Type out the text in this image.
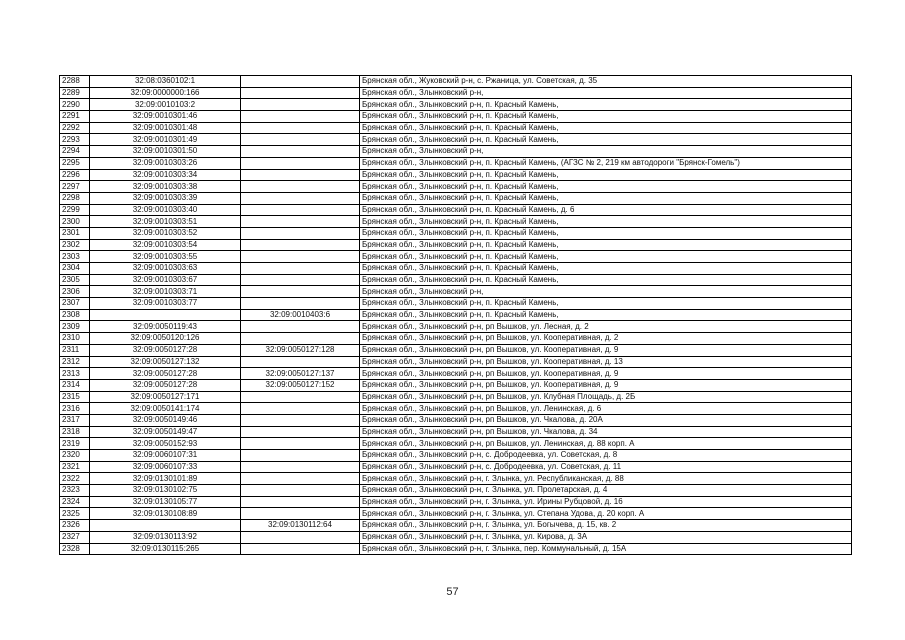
2288	32:08:0360102:1		Брянская обл., Жуковский р-н, с. Ржаница, ул. Советская, д. 35
2289	32:09:0000000:166		Брянская обл., Злынковский р-н,
2290	32:09:0010103:2		Брянская обл., Злынковский р-н, п. Красный Камень,
2291	32:09:0010301:46		Брянская обл., Злынковский р-н, п. Красный Камень,
2292	32:09:0010301:48		Брянская обл., Злынковский р-н, п. Красный Камень,
2293	32:09:0010301:49		Брянская обл., Злынковский р-н, п. Красный Камень,
2294	32:09:0010301:50		Брянская обл., Злынковский р-н,
2295	32:09:0010303:26		Брянская обл., Злынковский р-н, п. Красный Камень, (АГЗС № 2, 219 км автодороги "Брянск-Гомель")
2296	32:09:0010303:34		Брянская обл., Злынковский р-н, п. Красный Камень,
2297	32:09:0010303:38		Брянская обл., Злынковский р-н, п. Красный Камень,
2298	32:09:0010303:39		Брянская обл., Злынковский р-н, п. Красный Камень,
2299	32:09:0010303:40		Брянская обл., Злынковский р-н, п. Красный Камень, д. 6
2300	32:09:0010303:51		Брянская обл., Злынковский р-н, п. Красный Камень,
2301	32:09:0010303:52		Брянская обл., Злынковский р-н, п. Красный Камень,
2302	32:09:0010303:54		Брянская обл., Злынковский р-н, п. Красный Камень,
2303	32:09:0010303:55		Брянская обл., Злынковский р-н, п. Красный Камень,
2304	32:09:0010303:63		Брянская обл., Злынковский р-н, п. Красный Камень,
2305	32:09:0010303:67		Брянская обл., Злынковский р-н, п. Красный Камень,
2306	32:09:0010303:71		Брянская обл., Злынковский р-н,
2307	32:09:0010303:77		Брянская обл., Злынковский р-н, п. Красный Камень,
2308		32:09:0010403:6	Брянская обл., Злынковский р-н, п. Красный Камень,
2309	32:09:0050119:43		Брянская обл., Злынковский р-н, рп Вышков, ул. Лесная, д. 2
2310	32:09:0050120:126		Брянская обл., Злынковский р-н, рп Вышков, ул. Кооперативная, д. 2
2311	32:09:0050127:28	32:09:0050127:128	Брянская обл., Злынковский р-н, рп Вышков, ул. Кооперативная, д. 9
2312	32:09:0050127:132		Брянская обл., Злынковский р-н, рп Вышков, ул. Кооперативная, д. 13
2313	32:09:0050127:28	32:09:0050127:137	Брянская обл., Злынковский р-н, рп Вышков, ул. Кооперативная, д. 9
2314	32:09:0050127:28	32:09:0050127:152	Брянская обл., Злынковский р-н, рп Вышков, ул. Кооперативная, д. 9
2315	32:09:0050127:171		Брянская обл., Злынковский р-н, рп Вышков, ул. Клубная Площадь, д. 2Б
2316	32:09:0050141:174		Брянская обл., Злынковский р-н, рп Вышков, ул. Ленинская, д. 6
2317	32:09:0050149:46		Брянская обл., Злынковский р-н, рп Вышков, ул. Чкалова, д. 20А
2318	32:09:0050149:47		Брянская обл., Злынковский р-н, рп Вышков, ул. Чкалова, д. 34
2319	32:09:0050152:93		Брянская обл., Злынковский р-н, рп Вышков, ул. Ленинская, д. 88 корп. А
2320	32:09:0060107:31		Брянская обл., Злынковский р-н, с. Добродеевка, ул. Советская, д. 8
2321	32:09:0060107:33		Брянская обл., Злынковский р-н, с. Добродеевка, ул. Советская, д. 11
2322	32:09:0130101:89		Брянская обл., Злынковский р-н, г. Злынка, ул. Республиканская, д. 88
2323	32:09:0130102:75		Брянская обл., Злынковский р-н, г. Злынка, ул. Пролетарская, д. 4
2324	32:09:0130105:77		Брянская обл., Злынковский р-н, г. Злынка, ул. Ирины Рубцовой, д. 16
2325	32:09:0130108:89		Брянская обл., Злынковский р-н, г. Злынка, ул. Степана Удова, д. 20 корп. А
2326		32:09:0130112:64	Брянская обл., Злынковский р-н, г. Злынка, ул. Богычева, д. 15, кв. 2
2327	32:09:0130113:92		Брянская обл., Злынковский р-н, г. Злынка, ул. Кирова, д. 3А
2328	32:09:0130115:265		Брянская обл., Злынковский р-н, г. Злынка, пер. Коммунальный, д. 15А
57
